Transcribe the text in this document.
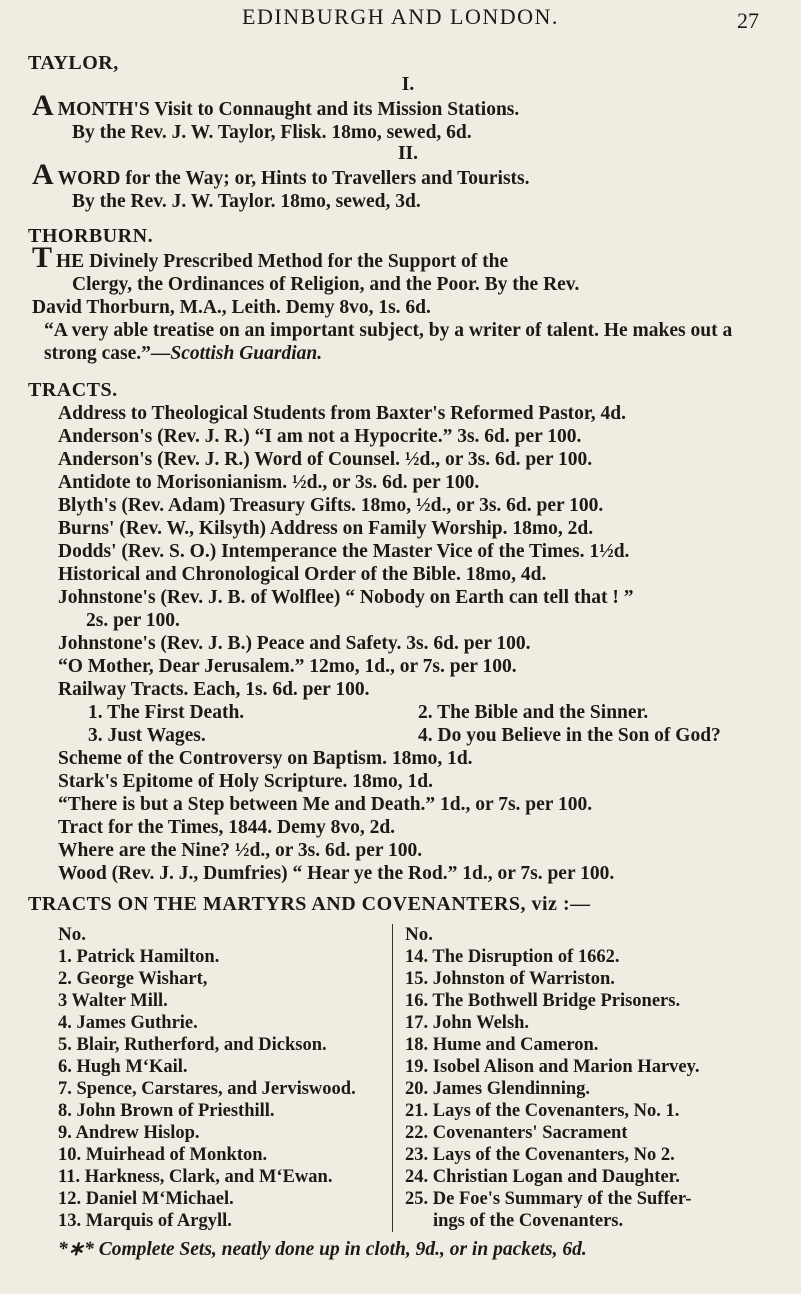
EDINBURGH AND LONDON.	27
TAYLOR,
I.
AMONTH'S Visit to Connaught and its Mission Stations.
By the Rev. J. W. Taylor, Flisk. 18mo, sewed, 6d.
II.
AWORD for the Way; or, Hints to Travellers and Tourists.
By the Rev. J. W. Taylor. 18mo, sewed, 3d.
THORBURN.
THE Divinely Prescribed Method for the Support of the
Clergy, the Ordinances of Religion, and the Poor. By the Rev.
David Thorburn, M.A., Leith. Demy 8vo, 1s. 6d.
“A very able treatise on an important subject, by a writer of talent. He makes out a strong case.”—Scottish Guardian.
TRACTS.
Address to Theological Students from Baxter's Reformed Pastor, 4d.
Anderson's (Rev. J. R.) “I am not a Hypocrite.” 3s. 6d. per 100.
Anderson's (Rev. J. R.) Word of Counsel. ½d., or 3s. 6d. per 100.
Antidote to Morisonianism. ½d., or 3s. 6d. per 100.
Blyth's (Rev. Adam) Treasury Gifts. 18mo, ½d., or 3s. 6d. per 100.
Burns' (Rev. W., Kilsyth) Address on Family Worship. 18mo, 2d.
Dodds' (Rev. S. O.) Intemperance the Master Vice of the Times. 1½d.
Historical and Chronological Order of the Bible. 18mo, 4d.
Johnstone's (Rev. J. B. of Wolflee) “ Nobody on Earth can tell that ! ”
2s. per 100.
Johnstone's (Rev. J. B.) Peace and Safety. 3s. 6d. per 100.
“O Mother, Dear Jerusalem.” 12mo, 1d., or 7s. per 100.
Railway Tracts. Each, 1s. 6d. per 100.
1. The First Death.	2. The Bible and the Sinner.
3. Just Wages.	4. Do you Believe in the Son of God?
Scheme of the Controversy on Baptism. 18mo, 1d.
Stark's Epitome of Holy Scripture. 18mo, 1d.
“There is but a Step between Me and Death.” 1d., or 7s. per 100.
Tract for the Times, 1844. Demy 8vo, 2d.
Where are the Nine? ½d., or 3s. 6d. per 100.
Wood (Rev. J. J., Dumfries) “ Hear ye the Rod.” 1d., or 7s. per 100.
TRACTS ON THE MARTYRS AND COVENANTERS, viz :—
No.
1. Patrick Hamilton.
2. George Wishart,
3 Walter Mill.
4. James Guthrie.
5. Blair, Rutherford, and Dickson.
6. Hugh M‘Kail.
7. Spence, Carstares, and Jerviswood.
8. John Brown of Priesthill.
9. Andrew Hislop.
10. Muirhead of Monkton.
11. Harkness, Clark, and M‘Ewan.
12. Daniel M‘Michael.
13. Marquis of Argyll.
No.
14. The Disruption of 1662.
15. Johnston of Warriston.
16. The Bothwell Bridge Prisoners.
17. John Welsh.
18. Hume and Cameron.
19. Isobel Alison and Marion Harvey.
20. James Glendinning.
21. Lays of the Covenanters, No. 1.
22. Covenanters' Sacrament
23. Lays of the Covenanters, No 2.
24. Christian Logan and Daughter.
25. De Foe's Summary of the Suffer-
ings of the Covenanters.
*∗* Complete Sets, neatly done up in cloth, 9d., or in packets, 6d.
